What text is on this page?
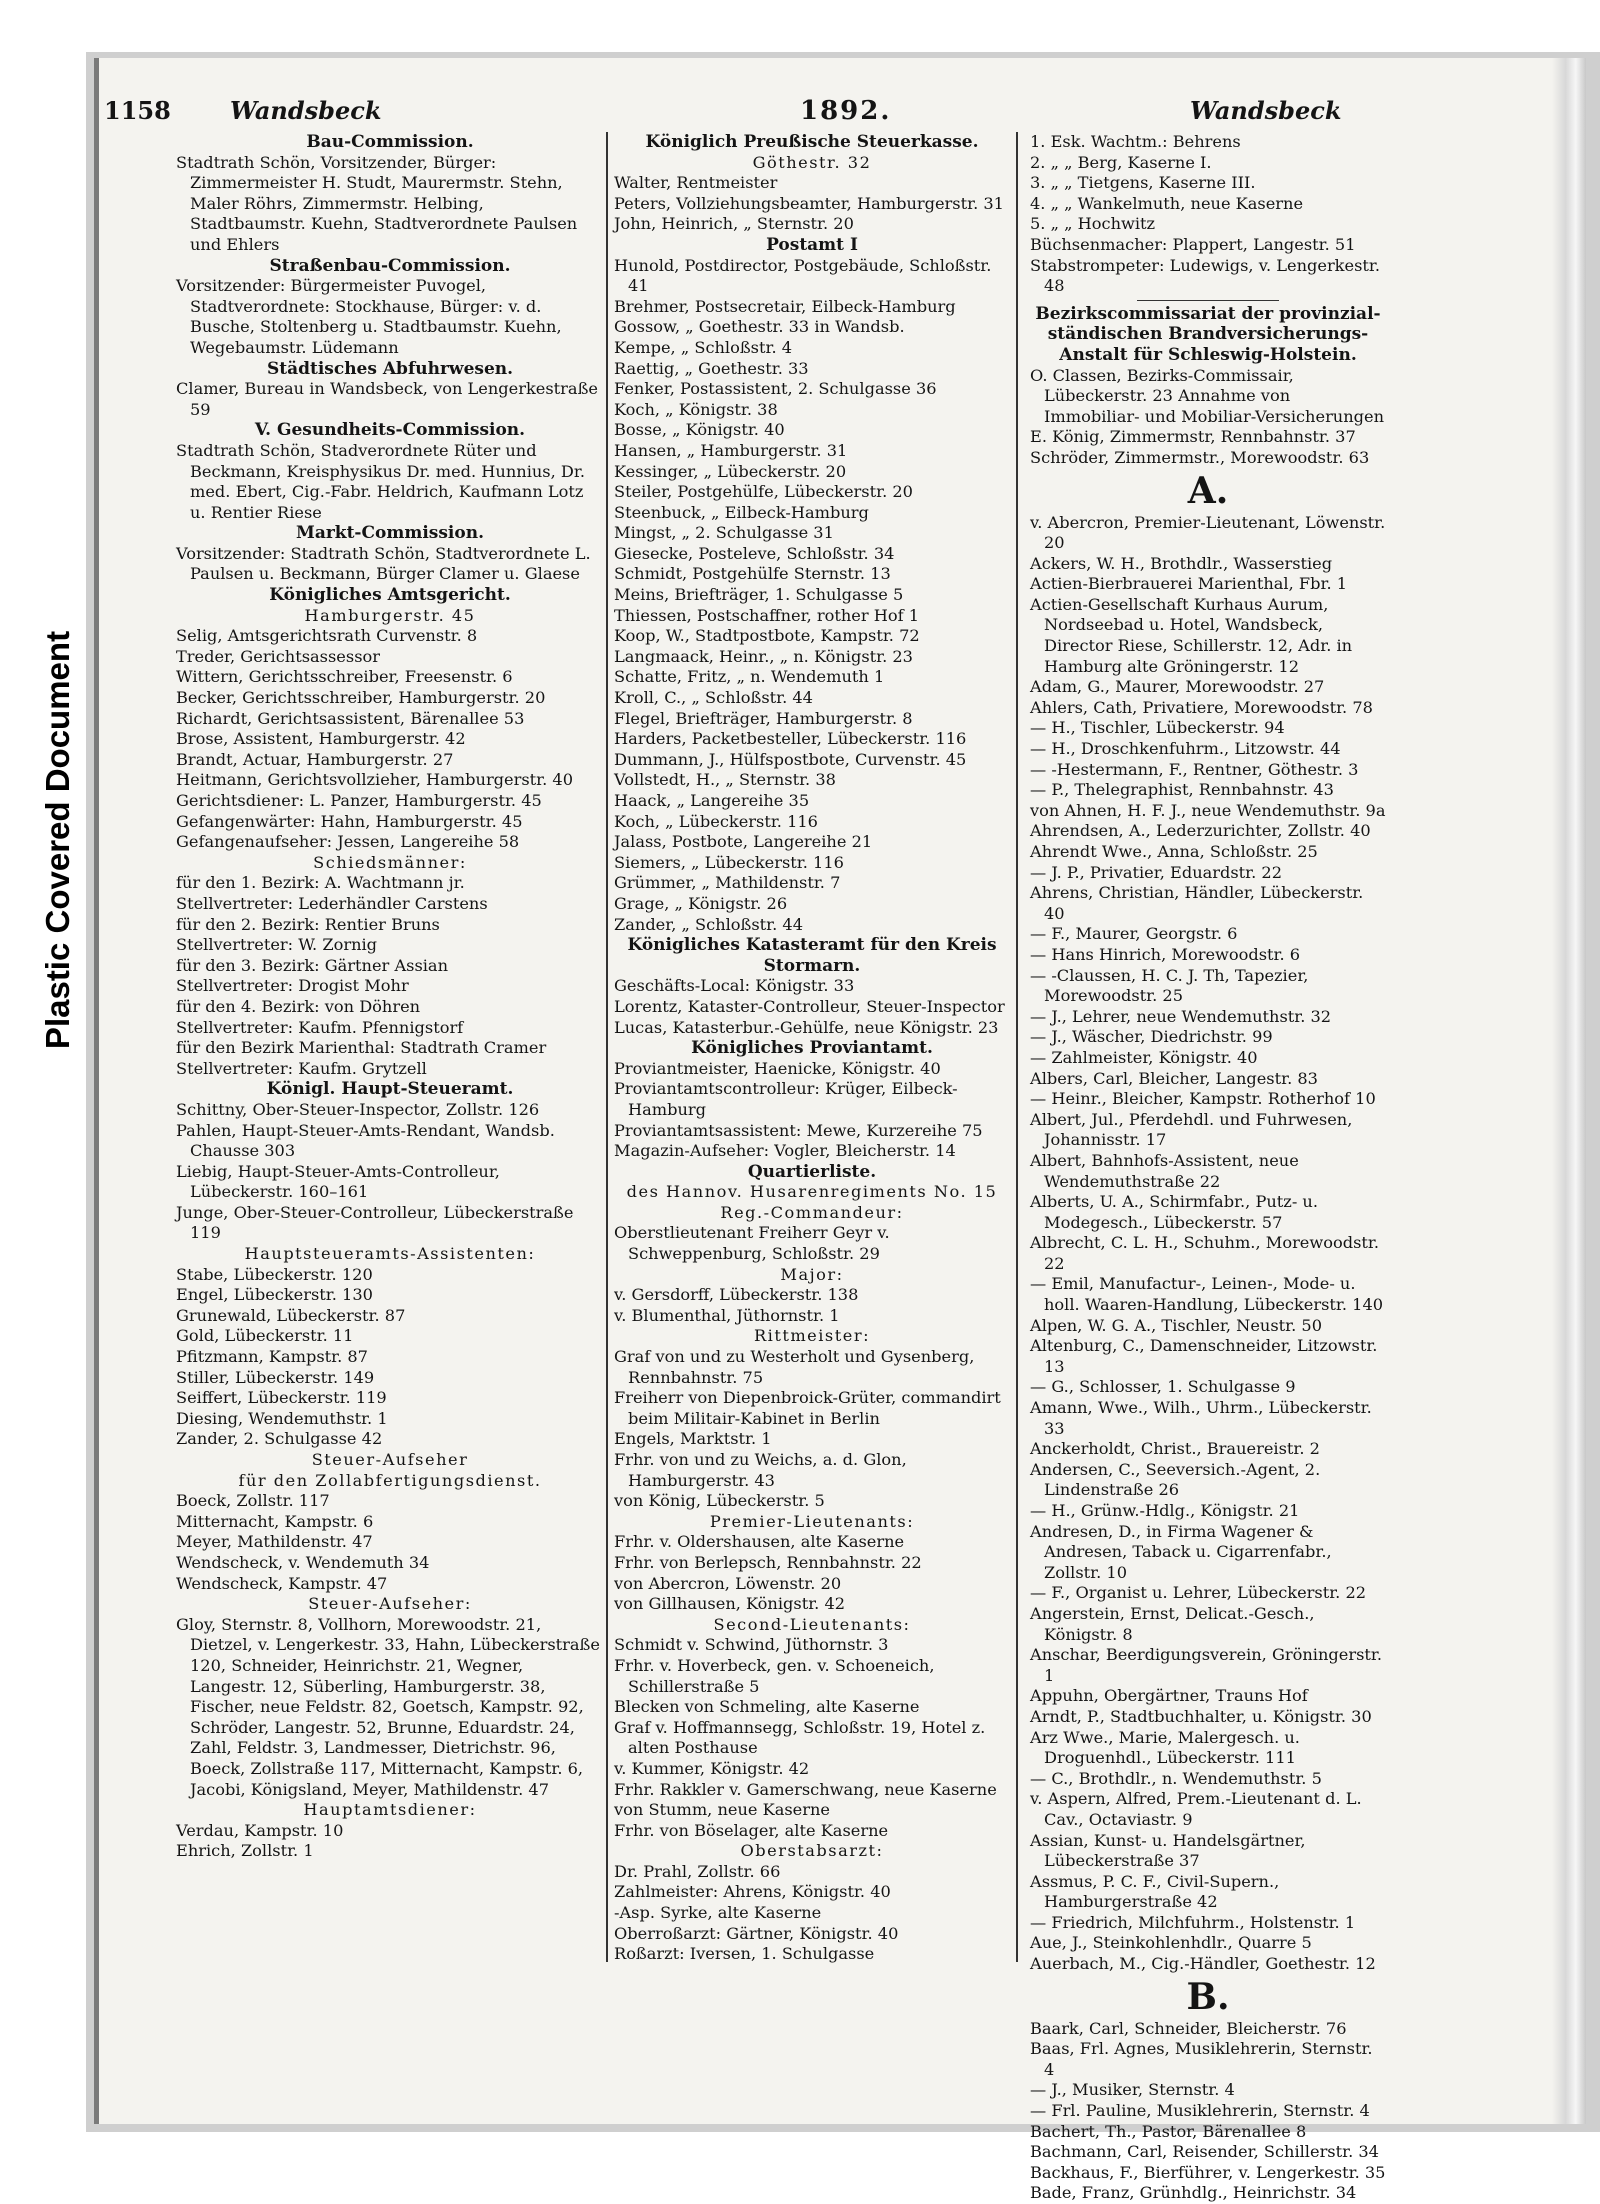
Plastic Covered Document
1158 Wandsbeck	1892.	Wandsbeck
Bau-Commission.
Stadtrath Schön, Vorsitzender, Bürger: Zimmermeister H. Studt, Maurermstr. Stehn, Maler Röhrs, Zimmermstr. Helbing, Stadtbaumstr. Kuehn, Stadtverordnete Paulsen und Ehlers
Straßenbau-Commission.
Vorsitzender: Bürgermeister Puvogel, Stadtverordnete: Stockhause, Bürger: v. d. Busche, Stoltenberg u. Stadtbaumstr. Kuehn, Wegebaumstr. Lüdemann
Städtisches Abfuhrwesen.
Clamer, Bureau in Wandsbeck, von Lengerkestraße 59
V. Gesundheits-Commission.
Stadtrath Schön, Stadverordnete Rüter und Beckmann, Kreisphysikus Dr. med. Hunnius, Dr. med. Ebert, Cig.-Fabr. Heldrich, Kaufmann Lotz u. Rentier Riese
Markt-Commission.
Vorsitzender: Stadtrath Schön, Stadtverordnete L. Paulsen u. Beckmann, Bürger Clamer u. Glaese
Königliches Amtsgericht.
Hamburgerstr. 45
Selig, Amtsgerichtsrath Curvenstr. 8
Treder, Gerichtsassessor
Wittern, Gerichtsschreiber, Freesenstr. 6
Becker, Gerichtsschreiber, Hamburgerstr. 20
Richardt, Gerichtsassistent, Bärenallee 53
Brose, Assistent, Hamburgerstr. 42
Brandt, Actuar, Hamburgerstr. 27
Heitmann, Gerichtsvollzieher, Hamburgerstr. 40
Gerichtsdiener: L. Panzer, Hamburgerstr. 45
Gefangenwärter: Hahn, Hamburgerstr. 45
Gefangenaufseher: Jessen, Langereihe 58
Schiedsmänner:
für den 1. Bezirk: A. Wachtmann jr.
Stellvertreter: Lederhändler Carstens
für den 2. Bezirk: Rentier Bruns
Stellvertreter: W. Zornig
für den 3. Bezirk: Gärtner Assian
Stellvertreter: Drogist Mohr
für den 4. Bezirk: von Döhren
Stellvertreter: Kaufm. Pfennigstorf
für den Bezirk Marienthal: Stadtrath Cramer
Stellvertreter: Kaufm. Grytzell
Königl. Haupt-Steueramt.
Schittny, Ober-Steuer-Inspector, Zollstr. 126
Pahlen, Haupt-Steuer-Amts-Rendant, Wandsb. Chausse 303
Liebig, Haupt-Steuer-Amts-Controlleur, Lübeckerstr. 160–161
Junge, Ober-Steuer-Controlleur, Lübeckerstraße 119
Hauptsteueramts-Assistenten:
Stabe, Lübeckerstr. 120
Engel, Lübeckerstr. 130
Grunewald, Lübeckerstr. 87
Gold, Lübeckerstr. 11
Pfitzmann, Kampstr. 87
Stiller, Lübeckerstr. 149
Seiffert, Lübeckerstr. 119
Diesing, Wendemuthstr. 1
Zander, 2. Schulgasse 42
Steuer-Aufseher
für den Zollabfertigungsdienst.
Boeck, Zollstr. 117
Mitternacht, Kampstr. 6
Meyer, Mathildenstr. 47
Wendscheck, v. Wendemuth 34
Wendscheck, Kampstr. 47
Steuer-Aufseher:
Gloy, Sternstr. 8, Vollhorn, Morewoodstr. 21, Dietzel, v. Lengerkestr. 33, Hahn, Lübeckerstraße 120, Schneider, Heinrichstr. 21, Wegner, Langestr. 12, Süberling, Hamburgerstr. 38, Fischer, neue Feldstr. 82, Goetsch, Kampstr. 92, Schröder, Langestr. 52, Brunne, Eduardstr. 24, Zahl, Feldstr. 3, Landmesser, Dietrichstr. 96, Boeck, Zollstraße 117, Mitternacht, Kampstr. 6, Jacobi, Königsland, Meyer, Mathildenstr. 47
Hauptamtsdiener:
Verdau, Kampstr. 10
Ehrich, Zollstr. 1
Königlich Preußische Steuerkasse.
Göthestr. 32
Walter, Rentmeister
Peters, Vollziehungsbeamter, Hamburgerstr. 31
John, Heinrich, „ Sternstr. 20
Postamt I
Hunold, Postdirector, Postgebäude, Schloßstr. 41
Brehmer, Postsecretair, Eilbeck-Hamburg
Gossow, „ Goethestr. 33 in Wandsb.
Kempe, „ Schloßstr. 4
Raettig, „ Goethestr. 33
Fenker, Postassistent, 2. Schulgasse 36
Koch, „ Königstr. 38
Bosse, „ Königstr. 40
Hansen, „ Hamburgerstr. 31
Kessinger, „ Lübeckerstr. 20
Steiler, Postgehülfe, Lübeckerstr. 20
Steenbuck, „ Eilbeck-Hamburg
Mingst, „ 2. Schulgasse 31
Giesecke, Posteleve, Schloßstr. 34
Schmidt, Postgehülfe Sternstr. 13
Meins, Briefträger, 1. Schulgasse 5
Thiessen, Postschaffner, rother Hof 1
Koop, W., Stadtpostbote, Kampstr. 72
Langmaack, Heinr., „ n. Königstr. 23
Schatte, Fritz, „ n. Wendemuth 1
Kroll, C., „ Schloßstr. 44
Flegel, Briefträger, Hamburgerstr. 8
Harders, Packetbesteller, Lübeckerstr. 116
Dummann, J., Hülfspostbote, Curvenstr. 45
Vollstedt, H., „ Sternstr. 38
Haack, „ Langereihe 35
Koch, „ Lübeckerstr. 116
Jalass, Postbote, Langereihe 21
Siemers, „ Lübeckerstr. 116
Grümmer, „ Mathildenstr. 7
Grage, „ Königstr. 26
Zander, „ Schloßstr. 44
Königliches Katasteramt für den Kreis Stormarn.
Geschäfts-Local: Königstr. 33
Lorentz, Kataster-Controlleur, Steuer-Inspector
Lucas, Katasterbur.-Gehülfe, neue Königstr. 23
Königliches Proviantamt.
Proviantmeister, Haenicke, Königstr. 40
Proviantamtscontrolleur: Krüger, Eilbeck-Hamburg
Proviantamtsassistent: Mewe, Kurzereihe 75
Magazin-Aufseher: Vogler, Bleicherstr. 14
Quartierliste.
des Hannov. Husarenregiments No. 15
Reg.-Commandeur:
Oberstlieutenant Freiherr Geyr v. Schweppenburg, Schloßstr. 29
Major:
v. Gersdorff, Lübeckerstr. 138
v. Blumenthal, Jüthornstr. 1
Rittmeister:
Graf von und zu Westerholt und Gysenberg, Rennbahnstr. 75
Freiherr von Diepenbroick-Grüter, commandirt beim Militair-Kabinet in Berlin
Engels, Marktstr. 1
Frhr. von und zu Weichs, a. d. Glon, Hamburgerstr. 43
von König, Lübeckerstr. 5
Premier-Lieutenants:
Frhr. v. Oldershausen, alte Kaserne
Frhr. von Berlepsch, Rennbahnstr. 22
von Abercron, Löwenstr. 20
von Gillhausen, Königstr. 42
Second-Lieutenants:
Schmidt v. Schwind, Jüthornstr. 3
Frhr. v. Hoverbeck, gen. v. Schoeneich, Schillerstraße 5
Blecken von Schmeling, alte Kaserne
Graf v. Hoffmannsegg, Schloßstr. 19, Hotel z. alten Posthause
v. Kummer, Königstr. 42
Frhr. Rakkler v. Gamerschwang, neue Kaserne
von Stumm, neue Kaserne
Frhr. von Böselager, alte Kaserne
Oberstabsarzt:
Dr. Prahl, Zollstr. 66
Zahlmeister: Ahrens, Königstr. 40
-Asp. Syrke, alte Kaserne
Oberroßarzt: Gärtner, Königstr. 40
Roßarzt: Iversen, 1. Schulgasse
1. Esk. Wachtm.: Behrens
2. „ „ Berg, Kaserne I.
3. „ „ Tietgens, Kaserne III.
4. „ „ Wankelmuth, neue Kaserne
5. „ „ Hochwitz
Büchsenmacher: Plappert, Langestr. 51
Stabstrompeter: Ludewigs, v. Lengerkestr. 48
Bezirkscommissariat der provinzial-ständischen Brandversicherungs-Anstalt für Schleswig-Holstein.
O. Classen, Bezirks-Commissair, Lübeckerstr. 23 Annahme von Immobiliar- und Mobiliar-Versicherungen
E. König, Zimmermstr, Rennbahnstr. 37
Schröder, Zimmermstr., Morewoodstr. 63
A.
v. Abercron, Premier-Lieutenant, Löwenstr. 20
Ackers, W. H., Brothdlr., Wasserstieg
Actien-Bierbrauerei Marienthal, Fbr. 1
Actien-Gesellschaft Kurhaus Aurum, Nordseebad u. Hotel, Wandsbeck, Director Riese, Schillerstr. 12, Adr. in Hamburg alte Gröningerstr. 12
Adam, G., Maurer, Morewoodstr. 27
Ahlers, Cath, Privatiere, Morewoodstr. 78
— H., Tischler, Lübeckerstr. 94
— H., Droschkenfuhrm., Litzowstr. 44
— -Hestermann, F., Rentner, Göthestr. 3
— P., Thelegraphist, Rennbahnstr. 43
von Ahnen, H. F. J., neue Wendemuthstr. 9a
Ahrendsen, A., Lederzurichter, Zollstr. 40
Ahrendt Wwe., Anna, Schloßstr. 25
— J. P., Privatier, Eduardstr. 22
Ahrens, Christian, Händler, Lübeckerstr. 40
— F., Maurer, Georgstr. 6
— Hans Hinrich, Morewoodstr. 6
— -Claussen, H. C. J. Th, Tapezier, Morewoodstr. 25
— J., Lehrer, neue Wendemuthstr. 32
— J., Wäscher, Diedrichstr. 99
— Zahlmeister, Königstr. 40
Albers, Carl, Bleicher, Langestr. 83
— Heinr., Bleicher, Kampstr. Rotherhof 10
Albert, Jul., Pferdehdl. und Fuhrwesen, Johannisstr. 17
Albert, Bahnhofs-Assistent, neue Wendemuthstraße 22
Alberts, U. A., Schirmfabr., Putz- u. Modegesch., Lübeckerstr. 57
Albrecht, C. L. H., Schuhm., Morewoodstr. 22
— Emil, Manufactur-, Leinen-, Mode- u. holl. Waaren-Handlung, Lübeckerstr. 140
Alpen, W. G. A., Tischler, Neustr. 50
Altenburg, C., Damenschneider, Litzowstr. 13
— G., Schlosser, 1. Schulgasse 9
Amann, Wwe., Wilh., Uhrm., Lübeckerstr. 33
Anckerholdt, Christ., Brauereistr. 2
Andersen, C., Seeversich.-Agent, 2. Lindenstraße 26
— H., Grünw.-Hdlg., Königstr. 21
Andresen, D., in Firma Wagener & Andresen, Taback u. Cigarrenfabr., Zollstr. 10
— F., Organist u. Lehrer, Lübeckerstr. 22
Angerstein, Ernst, Delicat.-Gesch., Königstr. 8
Anschar, Beerdigungsverein, Gröningerstr. 1
Appuhn, Obergärtner, Trauns Hof
Arndt, P., Stadtbuchhalter, u. Königstr. 30
Arz Wwe., Marie, Malergesch. u. Droguenhdl., Lübeckerstr. 111
— C., Brothdlr., n. Wendemuthstr. 5
v. Aspern, Alfred, Prem.-Lieutenant d. L. Cav., Octaviastr. 9
Assian, Kunst- u. Handelsgärtner, Lübeckerstraße 37
Assmus, P. C. F., Civil-Supern., Hamburgerstraße 42
— Friedrich, Milchfuhrm., Holstenstr. 1
Aue, J., Steinkohlenhdlr., Quarre 5
Auerbach, M., Cig.-Händler, Goethestr. 12
B.
Baark, Carl, Schneider, Bleicherstr. 76
Baas, Frl. Agnes, Musiklehrerin, Sternstr. 4
— J., Musiker, Sternstr. 4
— Frl. Pauline, Musiklehrerin, Sternstr. 4
Bachert, Th., Pastor, Bärenallee 8
Bachmann, Carl, Reisender, Schillerstr. 34
Backhaus, F., Bierführer, v. Lengerkestr. 35
Bade, Franz, Grünhdlg., Heinrichstr. 34
